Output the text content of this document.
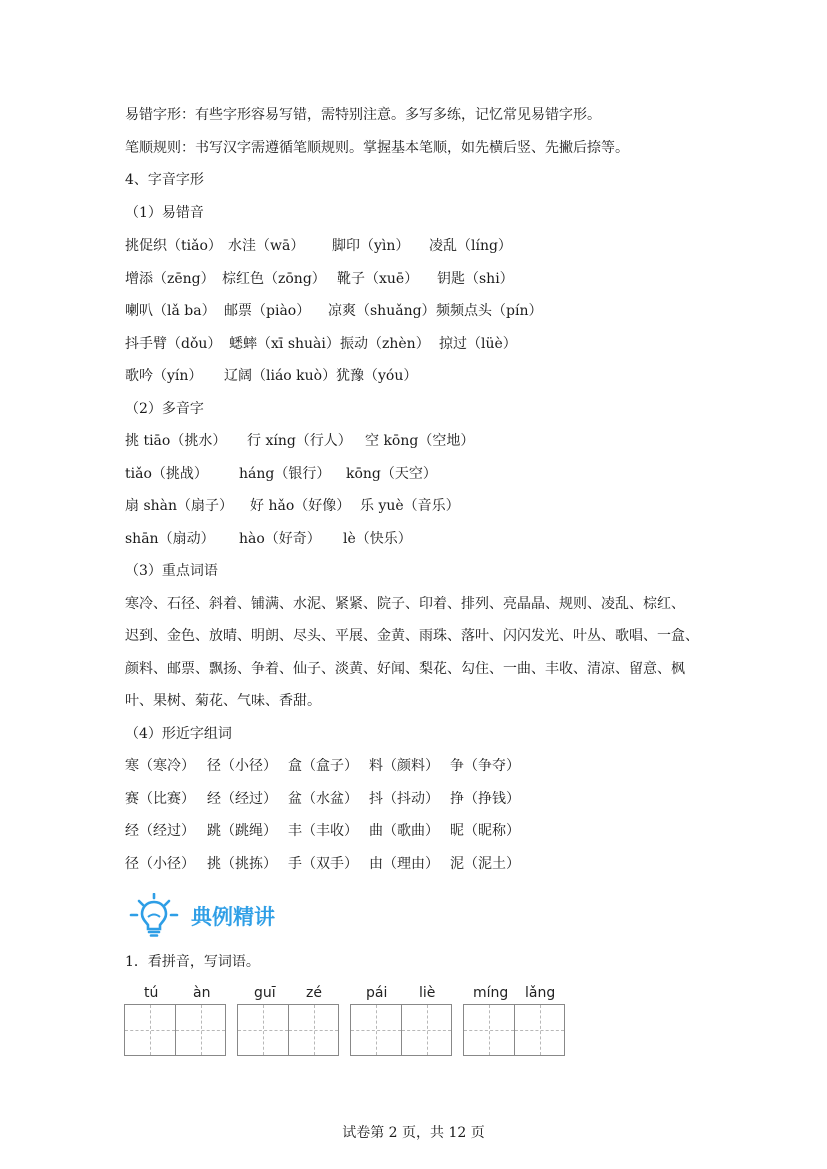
易错字形：有些字形容易写错，需特别注意。多写多练，记忆常见易错字形。
笔顺规则：书写汉字需遵循笔顺规则。掌握基本笔顺，如先横后竖、先撇后捺等。
4、字音字形
（1）易错音
挑促织（tiǎo） 水洼（wā） 脚印（yìn） 凌乱（líng）
增添（zēng） 棕红色（zōng） 靴子（xuē） 钥匙（shi）
喇叭（lǎ ba） 邮票（piào） 凉爽（shuǎng） 频频点头（pín）
抖手臂（dǒu） 蟋蟀（xī shuài） 振动（zhèn） 掠过（lüè）
歌吟（yín） 辽阔（liáo kuò） 犹豫（yóu）
（2）多音字
挑 tiāo（挑水） 行 xíng（行人） 空 kōng（空地）
tiǎo（挑战） háng（银行） kōng（天空）
扇 shàn（扇子） 好 hǎo（好像） 乐 yuè（音乐）
shān（扇动） hào（好奇） lè（快乐）
（3）重点词语
寒冷、石径、斜着、铺满、水泥、紧紧、院子、印着、排列、亮晶晶、规则、凌乱、棕红、
迟到、金色、放晴、明朗、尽头、平展、金黄、雨珠、落叶、闪闪发光、叶丛、歌唱、一盒、
颜料、邮票、飘扬、争着、仙子、淡黄、好闻、梨花、勾住、一曲、丰收、清凉、留意、枫
叶、果树、菊花、气味、香甜。
（4）形近字组词
寒（寒冷） 径（小径） 盒（盒子） 料（颜料） 争（争夺）
赛（比赛） 经（经过） 盆（水盆） 抖（抖动） 挣（挣钱）
经（经过） 跳（跳绳） 丰（丰收） 曲（歌曲） 昵（昵称）
径（小径） 挑（挑拣） 手（双手） 由（理由） 泥（泥土）
典例精讲
1．看拼音，写词语。
tú àn	guī zé	pái liè	míng lǎng
试卷第 2 页，共 12 页
